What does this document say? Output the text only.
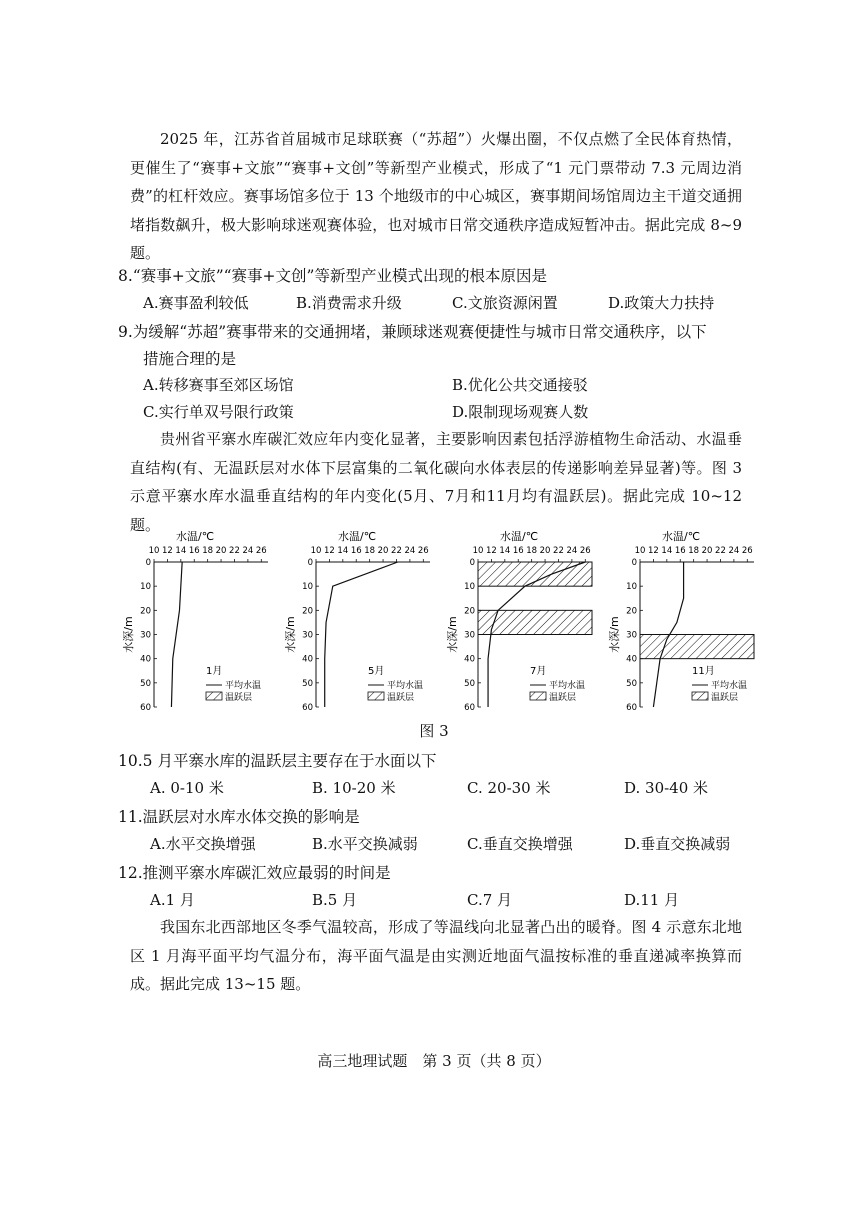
2025 年，江苏省首届城市足球联赛（“苏超”）火爆出圈，不仅点燃了全民体育热情，更催生了“赛事+文旅”“赛事+文创”等新型产业模式，形成了“1 元门票带动 7.3 元周边消费”的杠杆效应。赛事场馆多位于 13 个地级市的中心城区，赛事期间场馆周边主干道交通拥堵指数飙升，极大影响球迷观赛体验，也对城市日常交通秩序造成短暂冲击。据此完成 8~9 题。
8.“赛事+文旅”“赛事+文创”等新型产业模式出现的根本原因是
A.赛事盈利较低	B.消费需求升级	C.文旅资源闲置	D.政策大力扶持
9.为缓解“苏超”赛事带来的交通拥堵，兼顾球迷观赛便捷性与城市日常交通秩序，以下
措施合理的是
A.转移赛事至郊区场馆	B.优化公共交通接驳
C.实行单双号限行政策	D.限制现场观赛人数
贵州省平寨水库碳汇效应年内变化显著，主要影响因素包括浮游植物生命活动、水温垂直结构(有、无温跃层对水体下层富集的二氧化碳向水体表层的传递影响差异显著)等。图 3 示意平寨水库水温垂直结构的年内变化(5月、7月和11月均有温跃层)。据此完成 10~12 题。
水温/℃
10 12 14 16 18 20 22 24 26
0
10
20
30
40
50
60
水深/m
1月
平均水温
温跃层
水温/℃
10 12 14 16 18 20 22 24 26
0
10
20
30
40
50
60
水深/m
5月
平均水温
温跃层
水温/℃
10 12 14 16 18 20 22 24 26
0
10
20
30
40
50
60
水深/m
7月
平均水温
温跃层
水温/℃
10 12 14 16 18 20 22 24 26
0
10
20
30
40
50
60
水深/m
11月
平均水温
温跃层
图 3
10.5 月平寨水库的温跃层主要存在于水面以下
A. 0-10 米	B. 10-20 米	C. 20-30 米	D. 30-40 米
11.温跃层对水库水体交换的影响是
A.水平交换增强	B.水平交换减弱	C.垂直交换增强	D.垂直交换减弱
12.推测平寨水库碳汇效应最弱的时间是
A.1 月	B.5 月	C.7 月	D.11 月
我国东北西部地区冬季气温较高，形成了等温线向北显著凸出的暖脊。图 4 示意东北地区 1 月海平面平均气温分布，海平面气温是由实测近地面气温按标准的垂直递减率换算而成。据此完成 13~15 题。
高三地理试题　第 3 页（共 8 页）
